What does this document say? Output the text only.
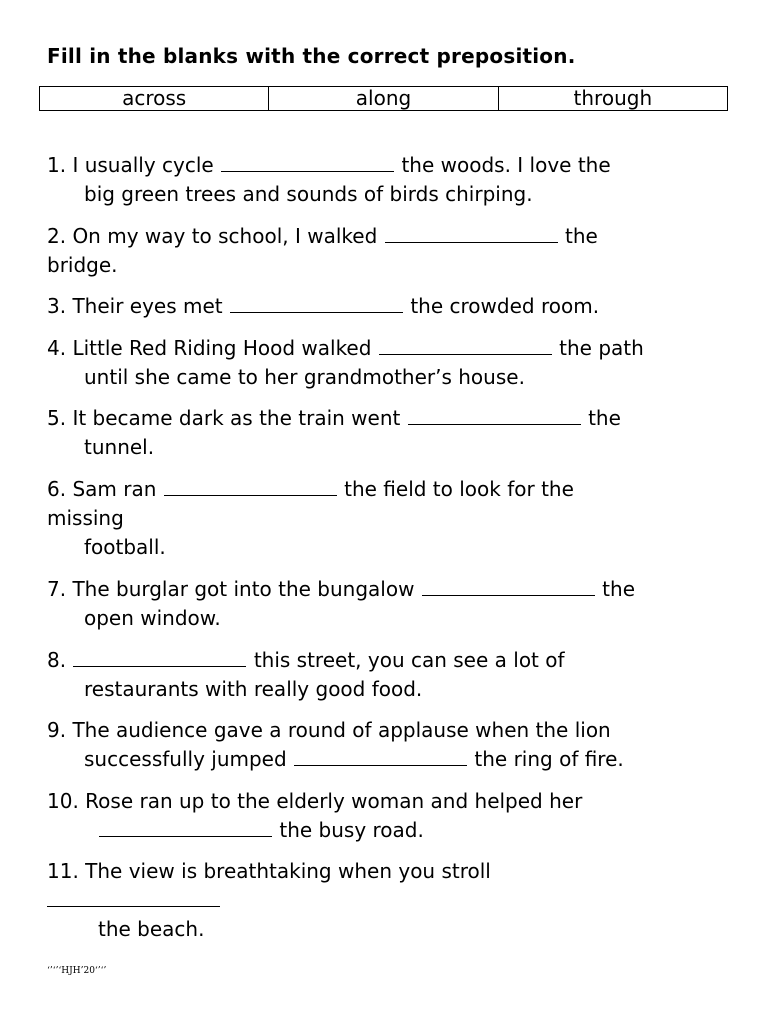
Fill in the blanks with the correct preposition.
across	along	through
1. I usually cycle	the woods. I love the
big green trees and sounds of birds chirping.
2. On my way to school, I walked	the
bridge.
3. Their eyes met	the crowded room.
4. Little Red Riding Hood walked	the path
until she came to her grandmother’s house.
5. It became dark as the train went	the
tunnel.
6. Sam ran	the field to look for the
missing
football.
7. The burglar got into the bungalow	the
open window.
8.	this street, you can see a lot of
restaurants with really good food.
9. The audience gave a round of applause when the lion
successfully jumped	the ring of fire.
10. Rose ran up to the elderly woman and helped her
the busy road.
11. The view is breathtaking when you stroll
the beach.
‘’‘’‘HJH’20‘’‘’
